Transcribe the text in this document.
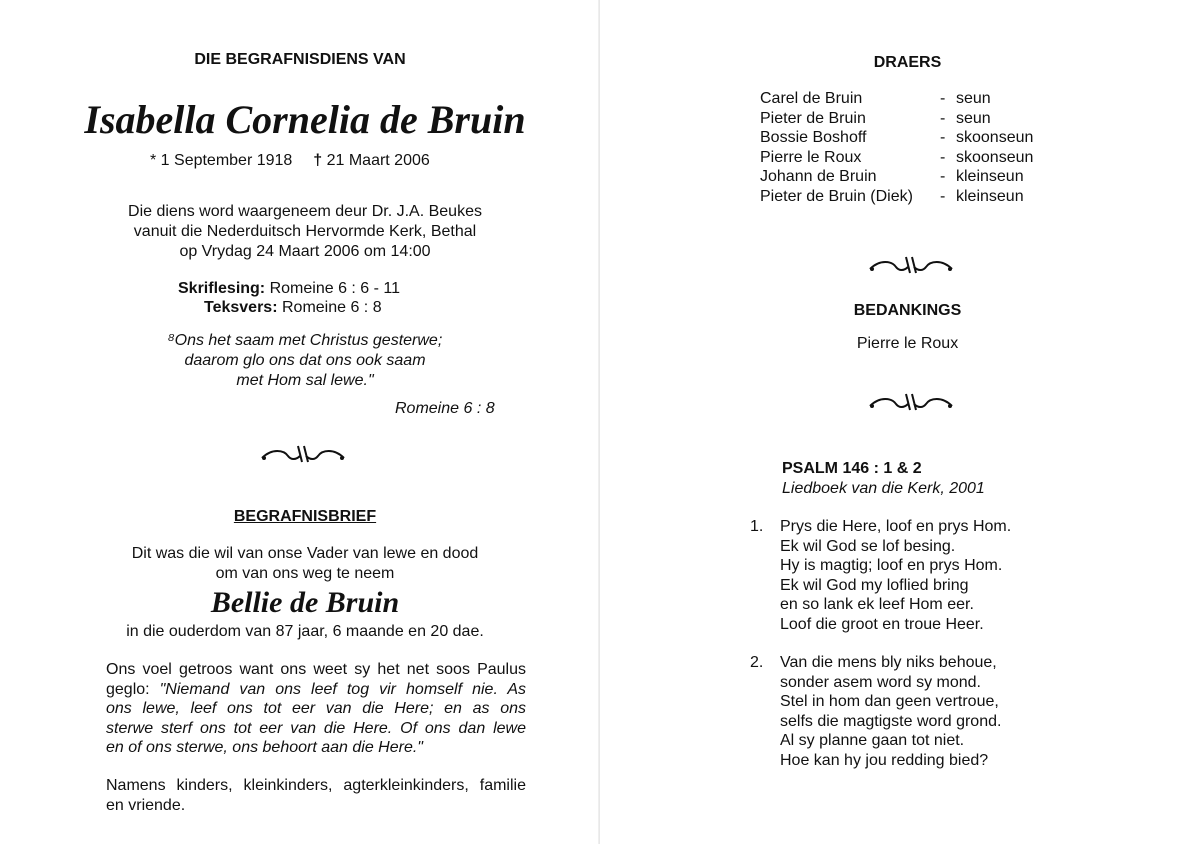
DIE BEGRAFNISDIENS VAN
Isabella Cornelia de Bruin
* 1 September 1918 † 21 Maart 2006
Die diens word waargeneem deur Dr. J.A. Beukes
vanuit die Nederduitsch Hervormde Kerk, Bethal
op Vrydag 24 Maart 2006 om 14:00
Skriflesing: Romeine 6 : 6 - 11
Teksvers: Romeine 6 : 8
⁸Ons het saam met Christus gesterwe;
daarom glo ons dat ons ook saam
met Hom sal lewe."
Romeine 6 : 8
BEGRAFNISBRIEF
Dit was die wil van onse Vader van lewe en dood
om van ons weg te neem
Bellie de Bruin
in die ouderdom van 87 jaar, 6 maande en 20 dae.
Ons voel getroos want ons weet sy het net soos Paulus
geglo: "Niemand van ons leef tog vir homself nie. As
ons lewe, leef ons tot eer van die Here; en as ons
sterwe sterf ons tot eer van die Here. Of ons dan lewe
en of ons sterwe, ons behoort aan die Here."
Namens kinders, kleinkinders, agterkleinkinders, familie
en vriende.
DRAERS
Carel de Bruin	- seun
Pieter de Bruin	- seun
Bossie Boshoff	- skoonseun
Pierre le Roux	- skoonseun
Johann de Bruin	- kleinseun
Pieter de Bruin (Diek) - kleinseun
BEDANKINGS
Pierre le Roux
PSALM 146 : 1 & 2
Liedboek van die Kerk, 2001
1. Prys die Here, loof en prys Hom.
Ek wil God se lof besing.
Hy is magtig; loof en prys Hom.
Ek wil God my loflied bring
en so lank ek leef Hom eer.
Loof die groot en troue Heer.
2. Van die mens bly niks behoue,
sonder asem word sy mond.
Stel in hom dan geen vertroue,
selfs die magtigste word grond.
Al sy planne gaan tot niet.
Hoe kan hy jou redding bied?
